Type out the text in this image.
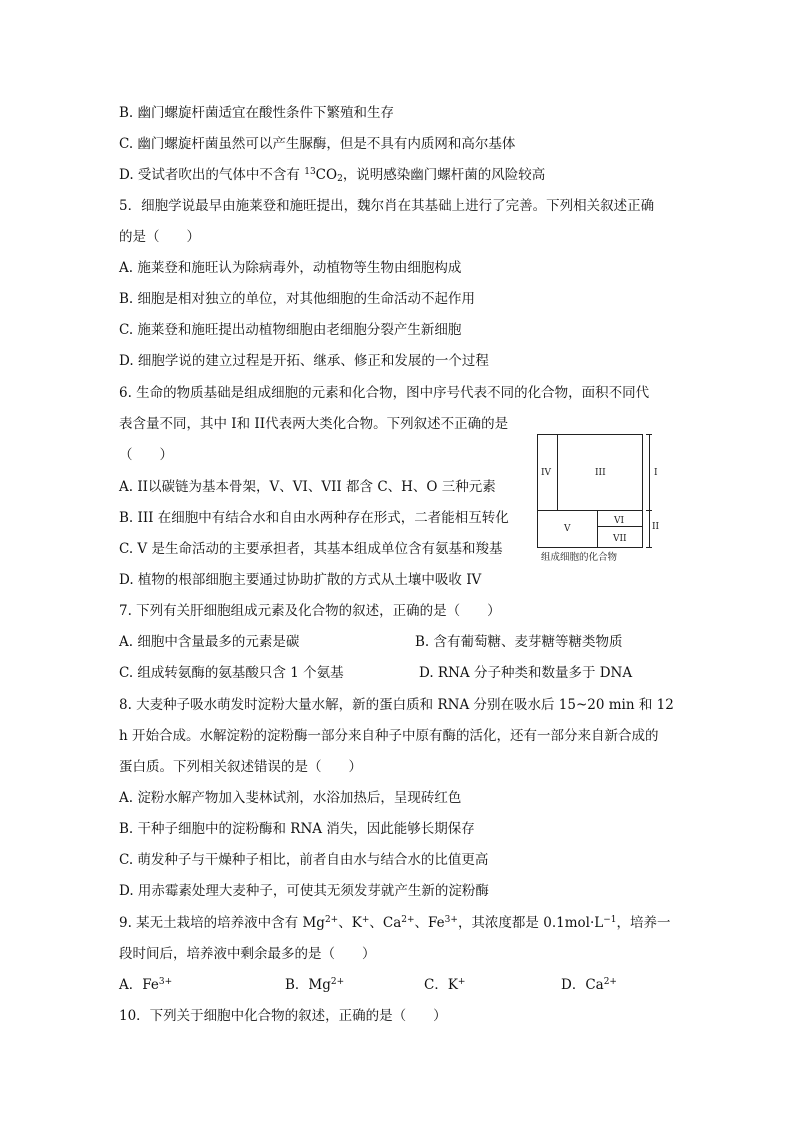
B. 幽门螺旋杆菌适宜在酸性条件下繁殖和生存
C. 幽门螺旋杆菌虽然可以产生脲酶，但是不具有内质网和高尔基体
D. 受试者吹出的气体中不含有 $^{13}CO_2$，说明感染幽门螺杆菌的风险较高
5．细胞学说最早由施莱登和施旺提出，魏尔肖在其基础上进行了完善。下列相关叙述正确
的是（　　）
A. 施莱登和施旺认为除病毒外，动植物等生物由细胞构成
B. 细胞是相对独立的单位，对其他细胞的生命活动不起作用
C. 施莱登和施旺提出动植物细胞由老细胞分裂产生新细胞
D. 细胞学说的建立过程是开拓、继承、修正和发展的一个过程
6. 生命的物质基础是组成细胞的元素和化合物，图中序号代表不同的化合物，面积不同代
表含量不同，其中 I和 II代表两大类化合物。下列叙述不正确的是
（　　）
A. II以碳链为基本骨架，V、VI、VII 都含 C、H、O 三种元素
B. III 在细胞中有结合水和自由水两种存在形式，二者能相互转化
C. V 是生命活动的主要承担者，其基本组成单位含有氨基和羧基
D. 植物的根部细胞主要通过协助扩散的方式从土壤中吸收 IV
IV	III
V
VI
VII
I
II
组成细胞的化合物
7. 下列有关肝细胞组成元素及化合物的叙述，正确的是（　　）
A. 细胞中含量最多的元素是碳	B. 含有葡萄糖、麦芽糖等糖类物质
C. 组成转氨酶的氨基酸只含 1 个氨基	D. RNA 分子种类和数量多于 DNA
8. 大麦种子吸水萌发时淀粉大量水解，新的蛋白质和 RNA 分别在吸水后 15~20 min 和 12
h 开始合成。水解淀粉的淀粉酶一部分来自种子中原有酶的活化，还有一部分来自新合成的
蛋白质。下列相关叙述错误的是（　　）
A. 淀粉水解产物加入斐林试剂，水浴加热后，呈现砖红色
B. 干种子细胞中的淀粉酶和 RNA 消失，因此能够长期保存
C. 萌发种子与干燥种子相比，前者自由水与结合水的比值更高
D. 用赤霉素处理大麦种子，可使其无须发芽就产生新的淀粉酶
9. 某无土栽培的培养液中含有 $Mg^{2+}$、K+、$Ca^{2+}$、$Fe^{3+}$，其浓度都是 $0.1mol\cdot L^{-1}$，培养一
段时间后，培养液中剩余最多的是（　　）
A．$Fe^{3+}$	B．$Mg^{2+}$	C．K+	D．$Ca^{2+}$
10．下列关于细胞中化合物的叙述，正确的是（　　）
